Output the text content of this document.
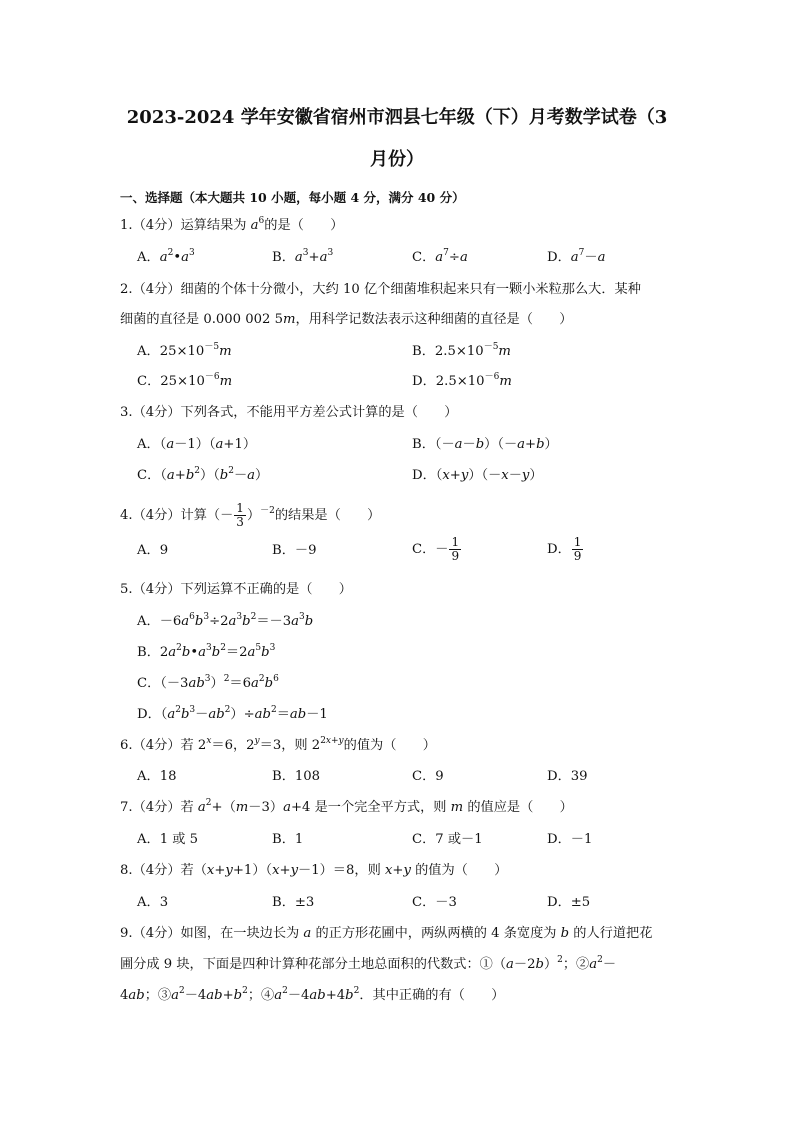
2023-2024 学年安徽省宿州市泗县七年级（下）月考数学试卷（3
月份）
一、选择题（本大题共 10 小题，每小题 4 分，满分 40 分）
1.（4分）运算结果为 $a^6$的是（　　）
A．$a^2•a^3$	B．$a^3+a^3$	C．$a^7\div a$	D．$a^7-a$
2.（4分）细菌的个体十分微小，大约 10 亿个细菌堆积起来只有一颗小米粒那么大．某种
细菌的直径是 0.000 002 5m，用科学记数法表示这种细菌的直径是（　　）
A．$25\times 10^{-5}m$	B．$2.5\times 10^{-5}m$
C．$25\times 10^{-6}m$	D．$2.5\times 10^{-6}m$
3.（4分）下列各式，不能用平方差公式计算的是（　　）
A．（a－1）（a+1）	B．（－a－b）（－a+b）
C．$(a+b^2)(b^2-a)$	D．（x+y）（－x－y）
4.（4分）计算（－ $\frac{1}{3} )^{-2}$的结果是（　　）
A．9	B．－9	C．－ $\frac{1}{9}$	D． $\frac{1}{9}$
5.（4分）下列运算不正确的是（　　）
A．$-6a^6b^3\div 2a^3b^2=-3a^3b$
B．$2a^2b•a^3b^2=2a^5b^3$
C．$(-3ab^3)^2=6a^2b^6$
D．$(a^2b^3-ab^2)\div ab^2=ab-1$
6.（4分）若 $2^x=6$，$2^y=3$，则 $2^{2x+y}$的值为（　　）
A．18	B．108	C．9	D．39
7.（4分）若 $a^2+(m-3)a+4$ 是一个完全平方式，则 m 的值应是（　　）
A．1 或 5	B．1	C．7 或－1	D．－1
8.（4分）若（x+y+1）（x+y－1）＝8，则 x+y 的值为（　　）
A．3	B．±3	C．－3	D．±5
9.（4分）如图，在一块边长为 a 的正方形花圃中，两纵两横的 4 条宽度为 b 的人行道把花
圃分成 9 块，下面是四种计算种花部分土地总面积的代数式：$①(a-2b)^2$；$②a^2-$
4ab；$③a^2-4ab+b^2$；$④a^2-4ab+4b^2$．其中正确的有（　　）
